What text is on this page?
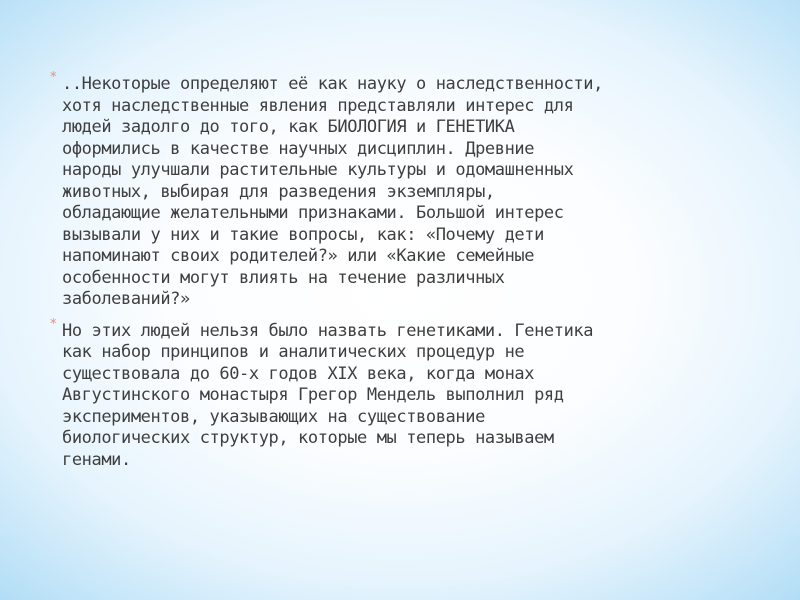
* ..Некоторые определяют её как науку о наследственности,
хотя наследственные явления представляли интерес для
людей задолго до того, как БИОЛОГИЯ и ГЕНЕТИКА
оформились в качестве научных дисциплин. Древние
народы улучшали растительные культуры и одомашненных
животных, выбирая для разведения экземпляры,
обладающие желательными признаками. Большой интерес
вызывали у них и такие вопросы, как: «Почему дети
напоминают своих родителей?» или «Какие семейные
особенности могут влиять на течение различных
заболеваний?»
* Но этих людей нельзя было назвать генетиками. Генетика
как набор принципов и аналитических процедур не
существовала до 60-х годов XIX века, когда монах
Августинского монастыря Грегор Мендель выполнил ряд
экспериментов, указывающих на существование
биологических структур, которые мы теперь называем
генами.
